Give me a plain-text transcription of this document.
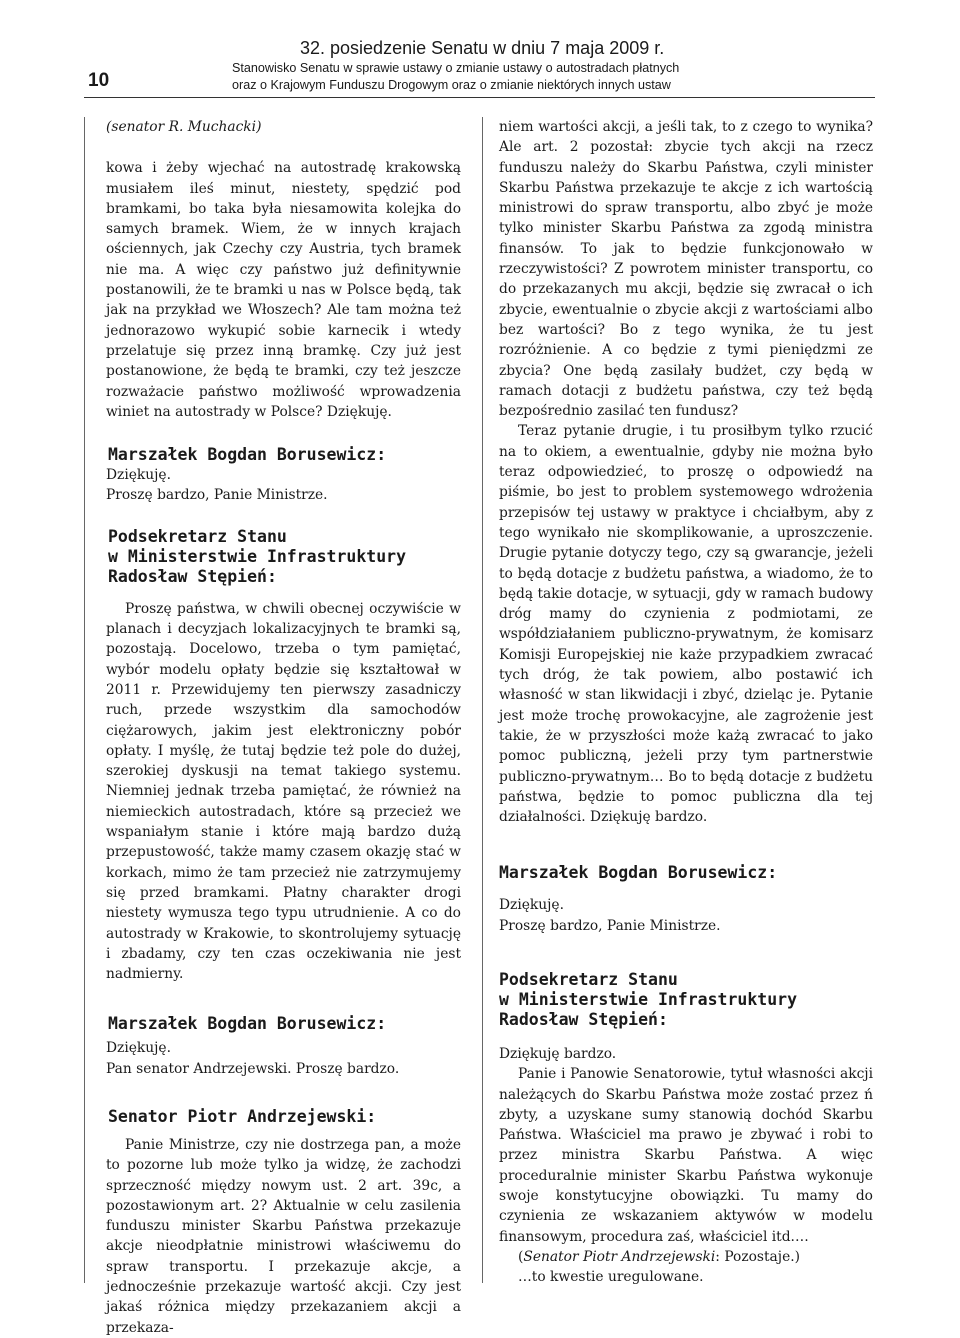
10
32. posiedzenie Senatu w dniu 7 maja 2009 r.
Stanowisko Senatu w sprawie ustawy o zmianie ustawy o autostradach płatnych
oraz o Krajowym Funduszu Drogowym oraz o zmianie niektórych innych ustaw

(senator R. Muchacki)

kowa i żeby wjechać na autostradę krakowską musiałem ileś minut, niestety, spędzić pod bramkami, bo taka była niesamowita kolejka do samych bramek. Wiem, że w innych krajach ościennych, jak Czechy czy Austria, tych bramek nie ma. A więc czy państwo już definitywnie postanowili, że te bramki u nas w Polsce będą, tak jak na przykład we Włoszech? Ale tam można też jednorazowo wykupić sobie karnecik i wtedy przelatuje się przez inną bramkę. Czy już jest postanowione, że będą te bramki, czy też jeszcze rozważacie państwo możliwość wprowadzenia winiet na autostrady w Polsce? Dziękuję.

Marszałek Bogdan Borusewicz:

Dziękuję.

Proszę bardzo, Panie Ministrze.

Podsekretarz Stanu

w Ministerstwie Infrastruktury

Radosław Stępień:

Proszę państwa, w chwili obecnej oczywiście w planach i decyzjach lokalizacyjnych te bramki są, pozostają. Docelowo, trzeba o tym pamiętać, wybór modelu opłaty będzie się kształtował w 2011 r. Przewidujemy ten pierwszy zasadniczy ruch, przede wszystkim dla samochodów ciężarowych, jakim jest elektroniczny pobór opłaty. I myślę, że tutaj będzie też pole do dużej, szerokiej dyskusji na temat takiego systemu. Niemniej jednak trzeba pamiętać, że również na niemieckich autostradach, które są przecież we wspaniałym stanie i które mają bardzo dużą przepustowość, także mamy czasem okazję stać w korkach, mimo że tam przecież nie zatrzymujemy się przed bramkami. Płatny charakter drogi niestety wymusza tego typu utrudnienie. A co do autostrady w Krakowie, to skontrolujemy sytuację i zbadamy, czy ten czas oczekiwania nie jest nadmierny.

Marszałek Bogdan Borusewicz:

Dziękuję.

Pan senator Andrzejewski. Proszę bardzo.

Senator Piotr Andrzejewski:

Panie Ministrze, czy nie dostrzega pan, a może to pozorne lub może tylko ja widzę, że zachodzi sprzeczność między nowym ust. 2 art. 39c, a pozostawionym art. 2? Aktualnie w celu zasilenia funduszu minister Skarbu Państwa przekazuje akcje nieodpłatnie ministrowi właściwemu do spraw transportu. I przekazuje akcje, a jednocześnie przekazuje wartość akcji. Czy jest jakaś różnica między przekazaniem akcji a przekaza-

niem wartości akcji, a jeśli tak, to z czego to wynika? Ale art. 2 pozostał: zbycie tych akcji na rzecz funduszu należy do Skarbu Państwa, czyli minister Skarbu Państwa przekazuje te akcje z ich wartością ministrowi do spraw transportu, albo zbyć je może tylko minister Skarbu Państwa za zgodą ministra finansów. To jak to będzie funkcjonowało w rzeczywistości? Z powrotem minister transportu, co do przekazanych mu akcji, będzie się zwracał o ich zbycie, ewentualnie o zbycie akcji z wartościami albo bez wartości? Bo z tego wynika, że tu jest rozróżnienie. A co będzie z tymi pieniędzmi ze zbycia? One będą zasilały budżet, czy będą w ramach dotacji z budżetu państwa, czy też będą bezpośrednio zasilać ten fundusz?

Teraz pytanie drugie, i tu prosiłbym tylko rzucić na to okiem, a ewentualnie, gdyby nie można było teraz odpowiedzieć, to proszę o odpowiedź na piśmie, bo jest to problem systemowego wdrożenia przepisów tej ustawy w praktyce i chciałbym, aby z tego wynikało nie skomplikowanie, a uproszczenie. Drugie pytanie dotyczy tego, czy są gwarancje, jeżeli to będą dotacje z budżetu państwa, a wiadomo, że to będą takie dotacje, w sytuacji, gdy w ramach budowy dróg mamy do czynienia z podmiotami, ze współdziałaniem publiczno-prywatnym, że komisarz Komisji Europejskiej nie każe przypadkiem zwracać tych dróg, że tak powiem, albo postawić ich własność w stan likwidacji i zbyć, dzieląc je. Pytanie jest może trochę prowokacyjne, ale zagrożenie jest takie, że w przyszłości może każą zwracać to jako pomoc publiczną, jeżeli przy tym partnerstwie publiczno-prywatnym… Bo to będą dotacje z budżetu państwa, będzie to pomoc publiczna dla tej działalności. Dziękuję bardzo.

Marszałek Bogdan Borusewicz:

Dziękuję.

Proszę bardzo, Panie Ministrze.

Podsekretarz Stanu

w Ministerstwie Infrastruktury

Radosław Stępień:

Dziękuję bardzo.

Panie i Panowie Senatorowie, tytuł własności akcji należących do Skarbu Państwa może zostać przez ń zbyty, a uzyskane sumy stanowią dochód Skarbu Państwa. Właściciel ma prawo je zbywać i robi to przez ministra Skarbu Państwa. A więc proceduralnie minister Skarbu Państwa wykonuje swoje konstytucyjne obowiązki. Tu mamy do czynienia ze wskazaniem aktywów w modelu finansowym, procedura zaś, właściciel itd.…

(Senator Piotr Andrzejewski: Pozostaje.)

…to kwestie uregulowane.
